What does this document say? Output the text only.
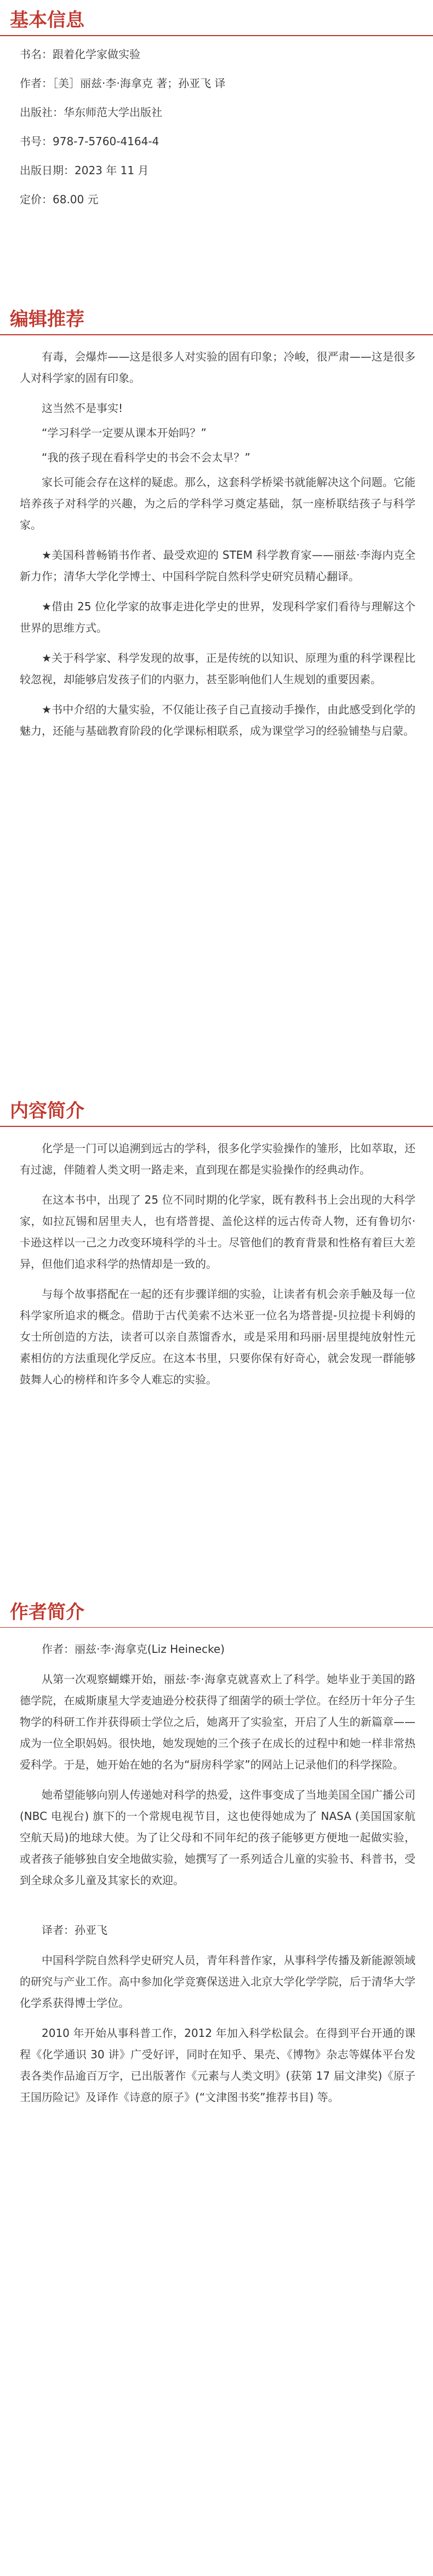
基本信息

书名：跟着化学家做实验

作者：［美］丽兹·李·海拿克 著；孙亚飞 译

出版社：华东师范大学出版社

书号：978-7-5760-4164-4

出版日期：2023 年 11 月

定价：68.00 元

编辑推荐

有毒，会爆炸——这是很多人对实验的固有印象；冷峻，很严肃——这是很多人对科学家的固有印象。

这当然不是事实!

“学习科学一定要从课本开始吗？”

“我的孩子现在看科学史的书会不会太早？”

家长可能会存在这样的疑虑。那么，这套科学桥梁书就能解决这个问题。它能培养孩子对科学的兴趣，为之后的学科学习奠定基础，氛一座桥联结孩子与科学家。

★美国科普畅销书作者、最受欢迎的 STEM 科学教育家——丽兹·李海内克全新力作；清华大学化学博士、中国科学院自然科学史研究员精心翻译。

★借由 25 位化学家的故事走进化学史的世界，发现科学家们看待与理解这个世界的思维方式。

★关于科学家、科学发现的故事，正是传统的以知识、原理为重的科学课程比较忽视，却能够启发孩子们的内驱力，甚至影响他们人生规划的重要因素。

★书中介绍的大量实验，不仅能让孩子自己直接动手操作，由此感受到化学的魅力，还能与基础教育阶段的化学课标相联系，成为课堂学习的经验铺垫与启蒙。

内容简介

化学是一门可以追溯到远古的学科，很多化学实验操作的雏形，比如萃取，还有过滤，伴随着人类文明一路走来，直到现在都是实验操作的经典动作。

在这本书中，出现了 25 位不同时期的化学家，既有教科书上会出现的大科学家，如拉瓦锡和居里夫人，也有塔普提、盖伦这样的远古传奇人物，还有鲁切尔·卡逊这样以一己之力改变环境科学的斗士。尽管他们的教育背景和性格有着巨大差异，但他们追求科学的热情却是一致的。

与每个故事搭配在一起的还有步骤详细的实验，让读者有机会亲手触及每一位科学家所追求的概念。借助于古代美索不达米亚一位名为塔普提-贝拉提卡利姆的女士所创造的方法，读者可以亲自蒸馏香水，或是采用和玛丽·居里提纯放射性元素相仿的方法重现化学反应。在这本书里，只要你保有好奇心，就会发现一群能够鼓舞人心的榜样和许多令人难忘的实验。

作者简介

作者：丽兹·李·海拿克(Liz Heinecke)

从第一次观察蝴蝶开始，丽兹·李·海拿克就喜欢上了科学。她毕业于美国的路德学院，在威斯康星大学麦迪逊分校获得了细菌学的硕士学位。在经历十年分子生物学的科研工作并获得硕士学位之后，她离开了实验室，开启了人生的新篇章——成为一位全职妈妈。很快地，她发现她的三个孩子在成长的过程中和她一样非常热爱科学。于是，她开始在她的名为“厨房科学家”的网站上记录他们的科学探险。

她希望能够向别人传递她对科学的热爱，这件事变成了当地美国全国广播公司 (NBC 电视台) 旗下的一个常规电视节目，这也使得她成为了 NASA (美国国家航空航天局)的地球大使。为了让父母和不同年纪的孩子能够更方便地一起做实验，或者孩子能够独自安全地做实验，她撰写了一系列适合儿童的实验书、科普书，受到全球众多儿童及其家长的欢迎。

译者：孙亚飞

中国科学院自然科学史研究人员，青年科普作家，从事科学传播及新能源领域的研究与产业工作。高中参加化学竞赛保送进入北京大学化学学院，后于清华大学化学系获得博士学位。

2010 年开始从事科普工作，2012 年加入科学松鼠会。在得到平台开通的课程《化学通识 30 讲》广受好评，同时在知乎、果壳、《博物》杂志等媒体平台发表各类作品逾百万字，已出版著作《元素与人类文明》(获第 17 届文津奖)《原子王国历险记》及译作《诗意的原子》(“文津图书奖”推荐书目) 等。
